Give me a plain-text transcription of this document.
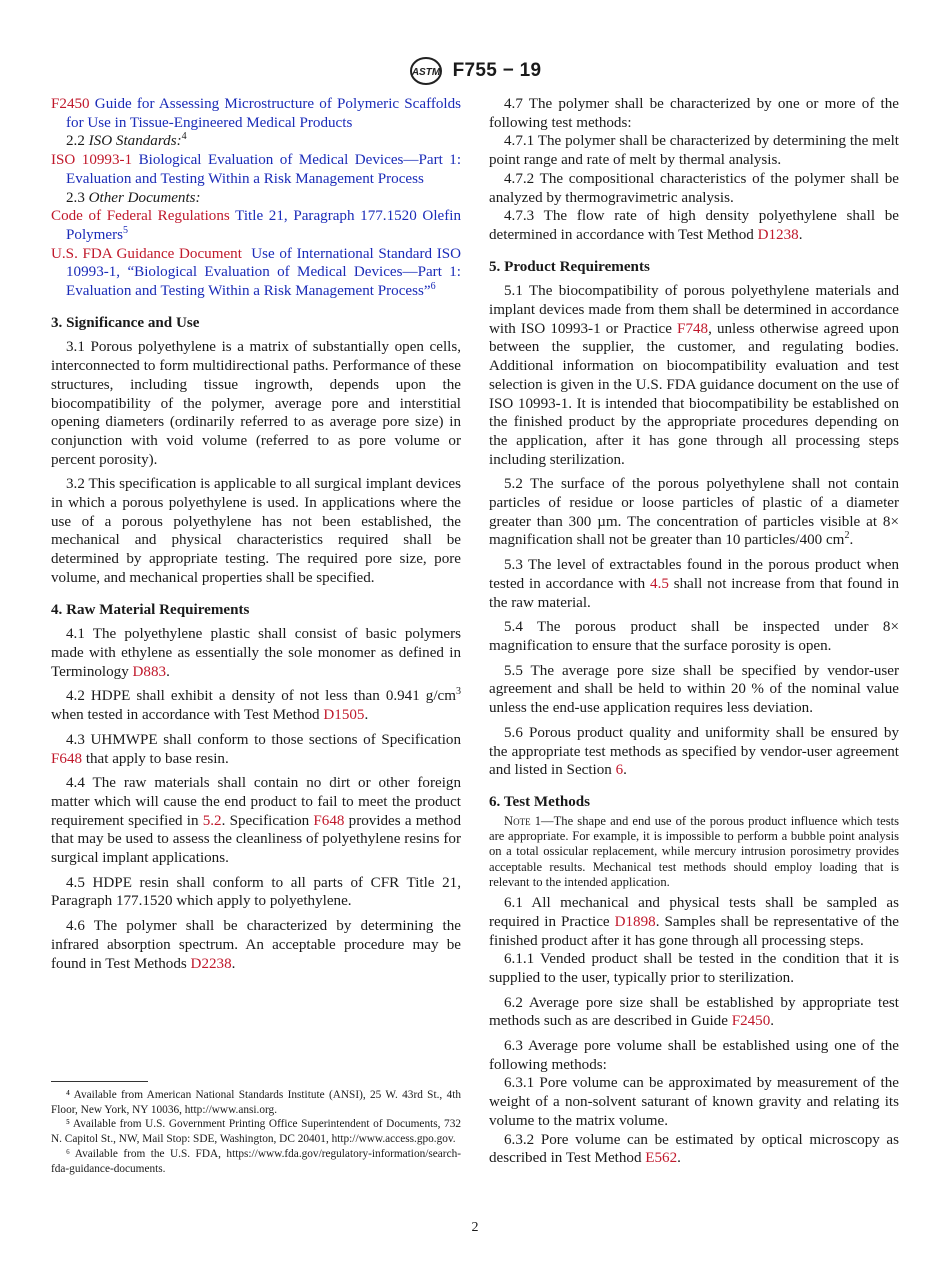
ASTM F755 − 19

F2450 Guide for Assessing Microstructure of Polymeric Scaffolds for Use in Tissue-Engineered Medical Products

2.2 ISO Standards:$^4$

ISO 10993-1 Biological Evaluation of Medical Devices—Part 1: Evaluation and Testing Within a Risk Management Process

2.3 Other Documents:

Code of Federal Regulations Title 21, Paragraph 177.1520 Olefin Polymers$^5$

U.S. FDA Guidance Document Use of International Standard ISO 10993-1, “Biological Evaluation of Medical Devices—Part 1: Evaluation and Testing Within a Risk Management Process”$^6$

3. Significance and Use

3.1 Porous polyethylene is a matrix of substantially open cells, interconnected to form multidirectional paths. Performance of these structures, including tissue ingrowth, depends upon the biocompatibility of the polymer, average pore and interstitial opening diameters (ordinarily referred to as average pore size) in conjunction with void volume (referred to as pore volume or percent porosity).

3.2 This specification is applicable to all surgical implant devices in which a porous polyethylene is used. In applications where the use of a porous polyethylene has not been established, the mechanical and physical characteristics required shall be determined by appropriate testing. The required pore size, pore volume, and mechanical properties shall be specified.

4. Raw Material Requirements

4.1 The polyethylene plastic shall consist of basic polymers made with ethylene as essentially the sole monomer as defined in Terminology D883.

4.2 HDPE shall exhibit a density of not less than 0.941 $g/cm^3$ when tested in accordance with Test Method D1505.

4.3 UHMWPE shall conform to those sections of Specification F648 that apply to base resin.

4.4 The raw materials shall contain no dirt or other foreign matter which will cause the end product to fail to meet the product requirement specified in 5.2. Specification F648 provides a method that may be used to assess the cleanliness of polyethylene resins for surgical implant applications.

4.5 HDPE resin shall conform to all parts of CFR Title 21, Paragraph 177.1520 which apply to polyethylene.

4.6 The polymer shall be characterized by determining the infrared absorption spectrum. An acceptable procedure may be found in Test Methods D2238.

⁴ Available from American National Standards Institute (ANSI), 25 W. 43rd St., 4th Floor, New York, NY 10036, http://www.ansi.org.

⁵ Available from U.S. Government Printing Office Superintendent of Documents, 732 N. Capitol St., NW, Mail Stop: SDE, Washington, DC 20401, http://www.access.gpo.gov.

⁶ Available from the U.S. FDA, https://www.fda.gov/regulatory-information/search-fda-guidance-documents.

4.7 The polymer shall be characterized by one or more of the following test methods:

4.7.1 The polymer shall be characterized by determining the melt point range and rate of melt by thermal analysis.

4.7.2 The compositional characteristics of the polymer shall be analyzed by thermogravimetric analysis.

4.7.3 The flow rate of high density polyethylene shall be determined in accordance with Test Method D1238.

5. Product Requirements

5.1 The biocompatibility of porous polyethylene materials and implant devices made from them shall be determined in accordance with ISO 10993-1 or Practice F748, unless otherwise agreed upon between the supplier, the customer, and regulating bodies. Additional information on biocompatibility evaluation and test selection is given in the U.S. FDA guidance document on the use of ISO 10993-1. It is intended that biocompatibility be established on the finished product by the appropriate procedures depending on the application, after it has gone through all processing steps including sterilization.

5.2 The surface of the porous polyethylene shall not contain particles of residue or loose particles of plastic of a diameter greater than 300 µm. The concentration of particles visible at 8× magnification shall not be greater than 10 particles/400 $cm^2$.

5.3 The level of extractables found in the porous product when tested in accordance with 4.5 shall not increase from that found in the raw material.

5.4 The porous product shall be inspected under 8× magnification to ensure that the surface porosity is open.

5.5 The average pore size shall be specified by vendor-user agreement and shall be held to within 20 % of the nominal value unless the end-use application requires less deviation.

5.6 Porous product quality and uniformity shall be ensured by the appropriate test methods as specified by vendor-user agreement and listed in Section 6.

6. Test Methods

Note 1—The shape and end use of the porous product influence which tests are appropriate. For example, it is impossible to perform a bubble point analysis on a total ossicular replacement, while mercury intrusion porosimetry provides acceptable results. Mechanical test methods should employ loading that is relevant to the intended application.

6.1 All mechanical and physical tests shall be sampled as required in Practice D1898. Samples shall be representative of the finished product after it has gone through all processing steps.

6.1.1 Vended product shall be tested in the condition that it is supplied to the user, typically prior to sterilization.

6.2 Average pore size shall be established by appropriate test methods such as are described in Guide F2450.

6.3 Average pore volume shall be established using one of the following methods:

6.3.1 Pore volume can be approximated by measurement of the weight of a non-solvent saturant of known gravity and relating its volume to the matrix volume.

6.3.2 Pore volume can be estimated by optical microscopy as described in Test Method E562.

2
